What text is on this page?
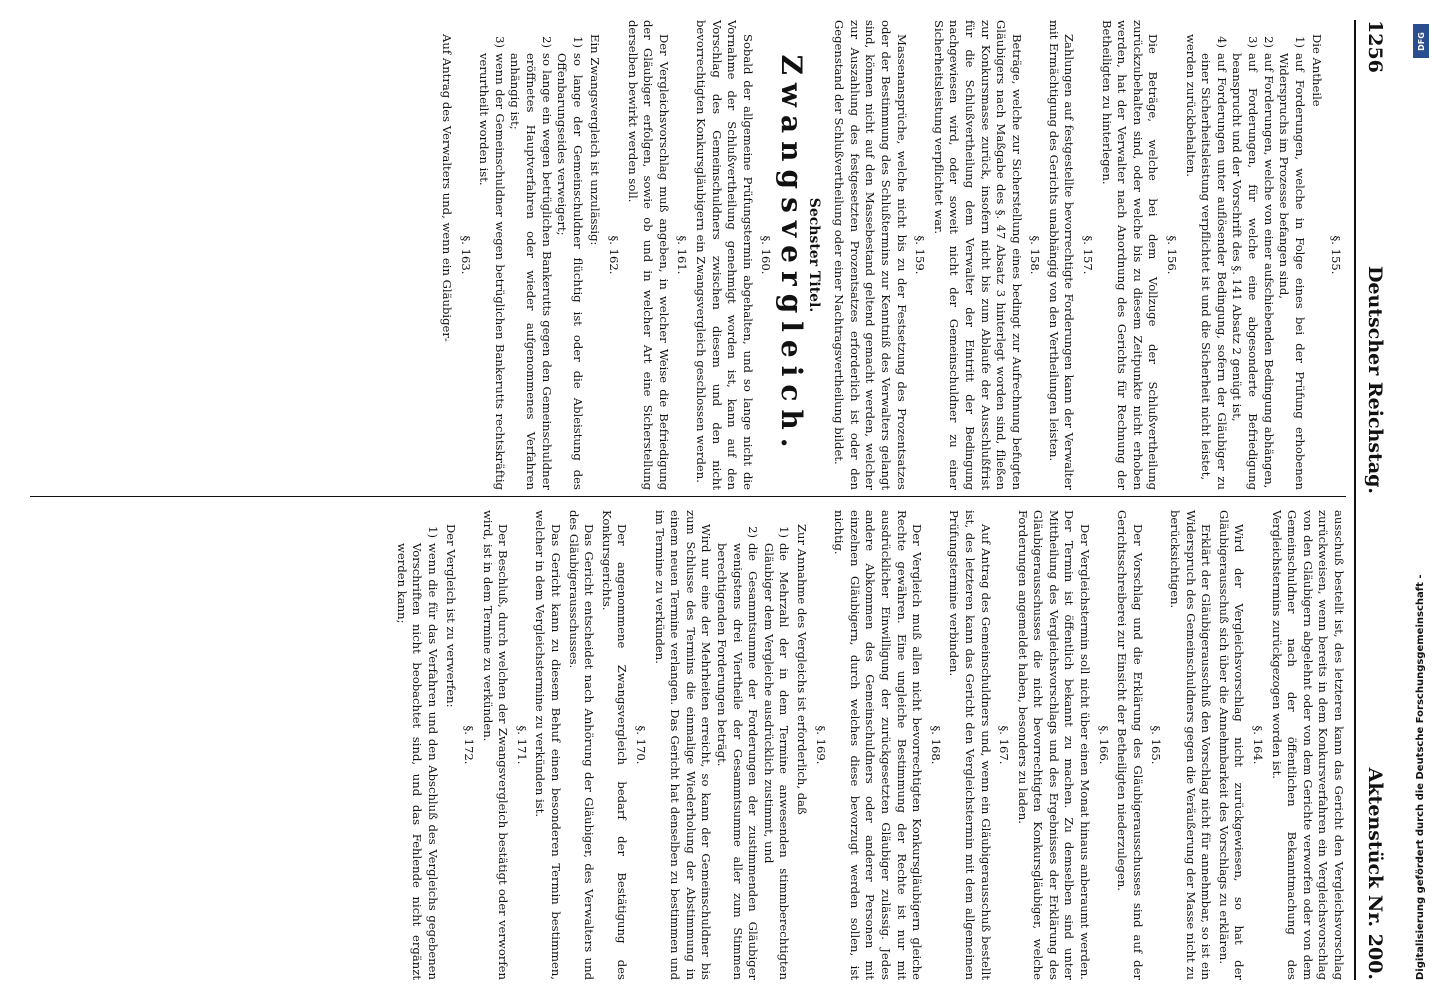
1256
Deutscher Reichstag.
Aktenstück Nr. 200.
§. 155.

Die Antheile

1)
auf Forderungen, welche in Folge eines bei der Prüfung erhobenen Widerspruchs im Prozesse befangen sind,
2)
auf Forderungen, welche von einer aufschiebenden Bedingung abhängen,
3)
auf Forderungen, für welche eine abgesonderte Befriedigung beansprucht und der Vorschrift des §. 141 Absatz 2 genügt ist,
4)
auf Forderungen unter auflösender Bedingung, sofern der Gläubiger zu einer Sicherheitsleistung verpflichtet ist und die Sicherheit nicht leistet,

werden zurückbehalten.

§. 156.

Die Beträge, welche bei dem Vollzuge der Schlußvertheilung zurückzubehalten sind, oder welche bis zu diesem Zeitpunkte nicht erhoben werden, hat der Verwalter nach Anordnung des Gerichts für Rechnung der Betheiligten zu hinterlegen.

§. 157.

Zahlungen auf festgestellte bevorrechtigte Forderungen kann der Verwalter mit Ermächtigung des Gerichts unabhängig von den Vertheilungen leisten.

§. 158.

Beträge, welche zur Sicherstellung eines bedingt zur Aufrechnung befugten Gläubigers nach Maßgabe des §. 47 Absatz 3 hinterlegt worden sind, fließen zur Konkursmasse zurück, insofern nicht bis zum Ablaufe der Ausschlußfrist für die Schlußvertheilung dem Verwalter der Eintritt der Bedingung nachgewiesen wird, oder soweit nicht der Gemeinschuldner zu einer Sicherheitsleistung verpflichtet war.

§. 159.

Massenansprüche, welche nicht bis zu der Festsetzung des Prozentsatzes oder der Bestimmung des Schlußtermins zur Kenntniß des Verwalters gelangt sind, können nicht auf den Massebestand geltend gemacht werden, welcher zur Auszahlung des festgesetzten Prozentsatzes erforderlich ist oder den Gegenstand der Schlußvertheilung oder einer Nachtragsvertheilung bildet.

Sechster Titel.
Zwangsvergleich.
§. 160.

Sobald der allgemeine Prüfungstermin abgehalten, und so lange nicht die Vornahme der Schlußvertheilung genehmigt worden ist, kann auf den Vorschlag des Gemeinschuldners zwischen diesem und den nicht bevorrechtigten Konkursgläubigern ein Zwangsvergleich geschlossen werden.

§. 161.

Der Vergleichsvorschlag muß angeben, in welcher Weise die Befriedigung der Gläubiger erfolgen, sowie ob und in welcher Art eine Sicherstellung derselben bewirkt werden soll.

§. 162.

Ein Zwangsvergleich ist unzulässig:

1)
so lange der Gemeinschuldner flüchtig ist oder die Ableistung des Offenbarungseides verweigert;
2)
so lange ein wegen betrüglichen Bankerutts gegen den Gemeinschuldner eröffnetes Hauptverfahren oder wieder aufgenommenes Verfahren anhängig ist;
3)
wenn der Gemeinschuldner wegen betrüglichen Bankerutts rechtskräftig verurtheilt worden ist.
§. 163.

Auf Antrag des Verwalters und, wenn ein Gläubiger-

ausschuß bestellt ist, des letzteren kann das Gericht den Vergleichsvorschlag zurückweisen, wenn bereits in dem Konkursverfahren ein Vergleichsvorschlag von den Gläubigern abgelehnt oder von dem Gerichte verworfen oder von dem Gemeinschuldner nach der öffentlichen Bekanntmachung des Vergleichstermins zurückgezogen worden ist.

§. 164.

Wird der Vergleichsvorschlag nicht zurückgewiesen, so hat der Gläubigerausschuß sich über die Annehmbarkeit des Vorschlags zu erklären.

Erklärt der Gläubigerausschuß den Vorschlag nicht für annehmbar, so ist ein Widerspruch des Gemeinschuldners gegen die Veräußerung der Masse nicht zu berücksichtigen.

§. 165.

Der Vorschlag und die Erklärung des Gläubigerausschusses sind auf der Gerichtsschreiberei zur Einsicht der Betheiligten niederzulegen.

§. 166.

Der Vergleichstermin soll nicht über einen Monat hinaus anberaumt werden. Der Termin ist öffentlich bekannt zu machen. Zu demselben sind unter Mittheilung des Vergleichsvorschlags und des Ergebnisses der Erklärung des Gläubigerausschusses die nicht bevorrechtigten Konkursgläubiger, welche Forderungen angemeldet haben, besonders zu laden.

§. 167.

Auf Antrag des Gemeinschuldners und, wenn ein Gläubigerausschuß bestellt ist, des letzteren kann das Gericht den Vergleichstermin mit dem allgemeinen Prüfungstermine verbinden.

§. 168.

Der Vergleich muß allen nicht bevorrechtigten Konkursgläubigern gleiche Rechte gewähren. Eine ungleiche Bestimmung der Rechte ist nur mit ausdrücklicher Einwilligung der zurückgesetzten Gläubiger zulässig. Jedes andere Abkommen des Gemeinschuldners oder anderer Personen mit einzelnen Gläubigern, durch welches diese bevorzugt werden sollen, ist nichtig.

§. 169.

Zur Annahme des Vergleichs ist erforderlich, daß

1)
die Mehrzahl der in dem Termine anwesenden stimmberechtigten Gläubiger dem Vergleiche ausdrücklich zustimmt, und
2)
die Gesammtsumme der Forderungen der zustimmenden Gläubiger wenigstens drei Viertheile der Gesammtsumme aller zum Stimmen berechtigenden Forderungen beträgt.

Wird nur eine der Mehrheiten erreicht, so kann der Gemeinschuldner bis zum Schlusse des Termins die einmalige Wiederholung der Abstimmung in einem neuen Termine verlangen. Das Gericht hat denselben zu bestimmen und im Termine zu verkünden.

§. 170.

Der angenommene Zwangsvergleich bedarf der Bestätigung des Konkursgerichts.

Das Gericht entscheidet nach Anhörung der Gläubiger, des Verwalters und des Gläubigerausschusses.

Das Gericht kann zu diesem Behuf einen besonderen Termin bestimmen, welcher in dem Vergleichstermine zu verkünden ist.

§. 171.

Der Beschluß, durch welchen der Zwangsvergleich bestätigt oder verworfen wird, ist in dem Termine zu verkünden.

§. 172.

Der Vergleich ist zu verwerfen:

1)
wenn die für das Verfahren und den Abschluß des Vergleichs gegebenen Vorschriften nicht beobachtet sind, und das Fehlende nicht ergänzt werden kann;	Digitalisierung gefördert durch die Deutsche Forschungsgemeinschaft -
DFG
